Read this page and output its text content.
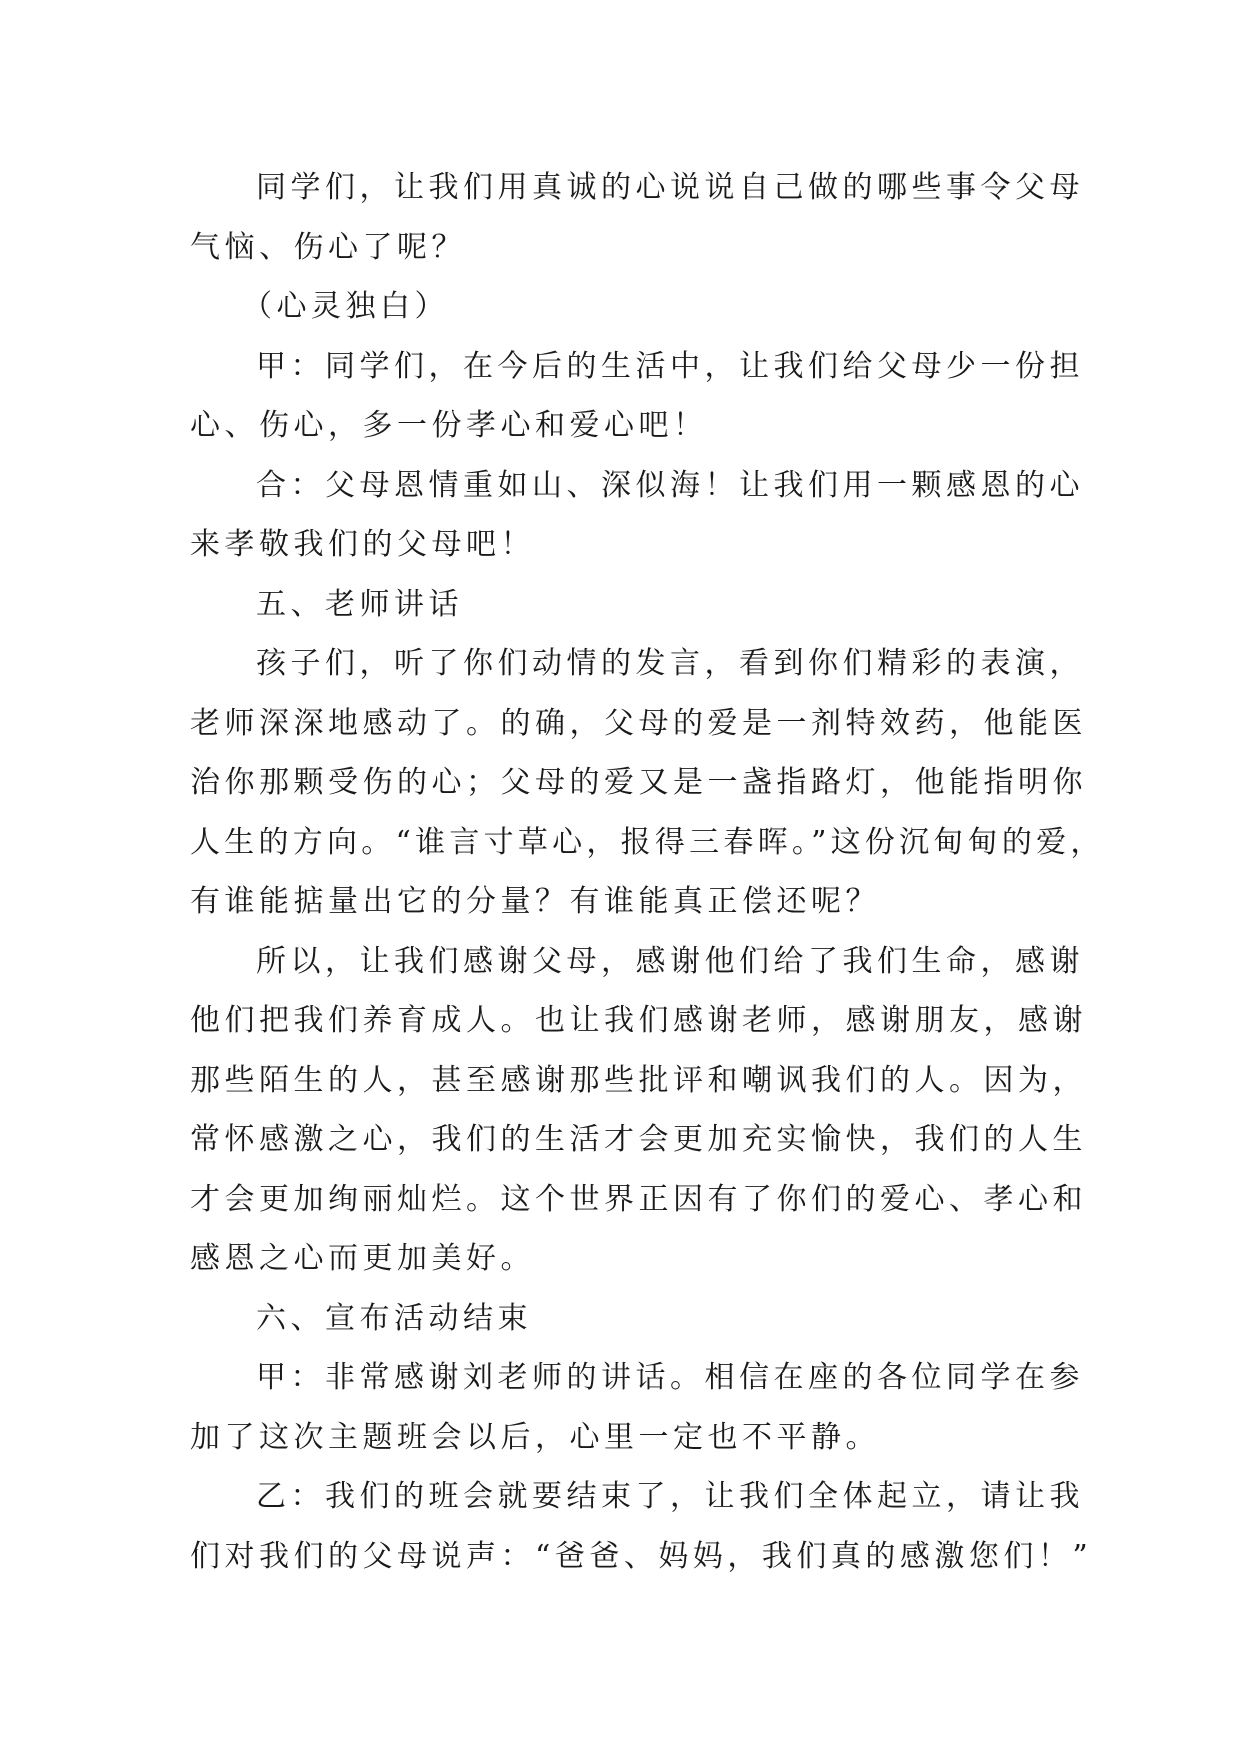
同学们，让我们用真诚的心说说自己做的哪些事令父母
气恼、伤心了呢？
（心灵独白）
甲：同学们，在今后的生活中，让我们给父母少一份担
心、伤心，多一份孝心和爱心吧！
合：父母恩情重如山、深似海！让我们用一颗感恩的心
来孝敬我们的父母吧！
五、老师讲话
孩子们，听了你们动情的发言，看到你们精彩的表演，
老师深深地感动了。的确，父母的爱是一剂特效药，他能医
治你那颗受伤的心；父母的爱又是一盏指路灯，他能指明你
人生的方向。“谁言寸草心，报得三春晖。”这份沉甸甸的爱，
有谁能掂量出它的分量？有谁能真正偿还呢？
所以，让我们感谢父母，感谢他们给了我们生命，感谢
他们把我们养育成人。也让我们感谢老师，感谢朋友，感谢
那些陌生的人，甚至感谢那些批评和嘲讽我们的人。因为，
常怀感激之心，我们的生活才会更加充实愉快，我们的人生
才会更加绚丽灿烂。这个世界正因有了你们的爱心、孝心和
感恩之心而更加美好。
六、宣布活动结束
甲：非常感谢刘老师的讲话。相信在座的各位同学在参
加了这次主题班会以后，心里一定也不平静。
乙：我们的班会就要结束了，让我们全体起立，请让我
们对我们的父母说声：“爸爸、妈妈，我们真的感激您们！”
